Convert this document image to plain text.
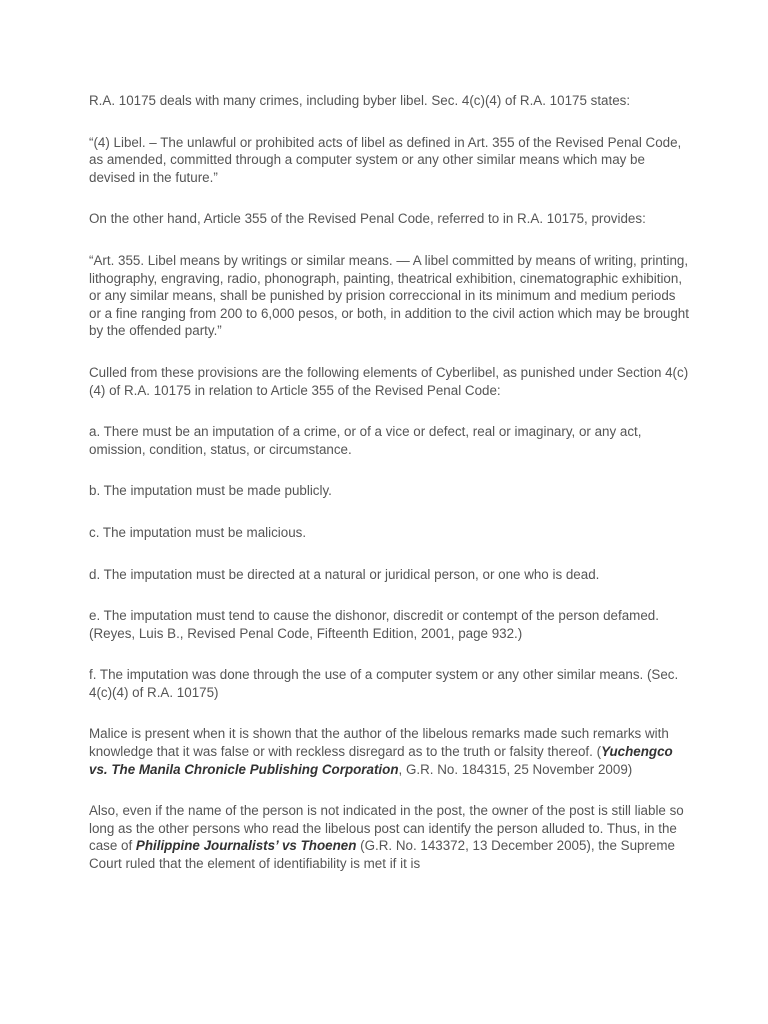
R.A. 10175 deals with many crimes, including byber libel. Sec. 4(c)(4) of R.A. 10175 states:

“(4) Libel. – The unlawful or prohibited acts of libel as defined in Art. 355 of the Revised Penal Code, as amended, committed through a computer system or any other similar means which may be devised in the future.”

On the other hand, Article 355 of the Revised Penal Code, referred to in R.A. 10175, provides:

“Art. 355. Libel means by writings or similar means. — A libel committed by means of writing, printing, lithography, engraving, radio, phonograph, painting, theatrical exhibition, cinematographic exhibition, or any similar means, shall be punished by prision correccional in its minimum and medium periods or a fine ranging from 200 to 6,000 pesos, or both, in addition to the civil action which may be brought by the offended party.”

Culled from these provisions are the following elements of Cyberlibel, as punished under Section 4(c)(4) of R.A. 10175 in relation to Article 355 of the Revised Penal Code:

a. There must be an imputation of a crime, or of a vice or defect, real or imaginary, or any act, omission, condition, status, or circumstance.

b. The imputation must be made publicly.

c. The imputation must be malicious.

d. The imputation must be directed at a natural or juridical person, or one who is dead.

e. The imputation must tend to cause the dishonor, discredit or contempt of the person defamed. (Reyes, Luis B., Revised Penal Code, Fifteenth Edition, 2001, page 932.)

f. The imputation was done through the use of a computer system or any other similar means. (Sec. 4(c)(4) of R.A. 10175)

Malice is present when it is shown that the author of the libelous remarks made such remarks with knowledge that it was false or with reckless disregard as to the truth or falsity thereof. (Yuchengco vs. The Manila Chronicle Publishing Corporation, G.R. No. 184315, 25 November 2009)

Also, even if the name of the person is not indicated in the post, the owner of the post is still liable so long as the other persons who read the libelous post can identify the person alluded to. Thus, in the case of Philippine Journalists’ vs Thoenen (G.R. No. 143372, 13 December 2005), the Supreme Court ruled that the element of identifiability is met if it is
